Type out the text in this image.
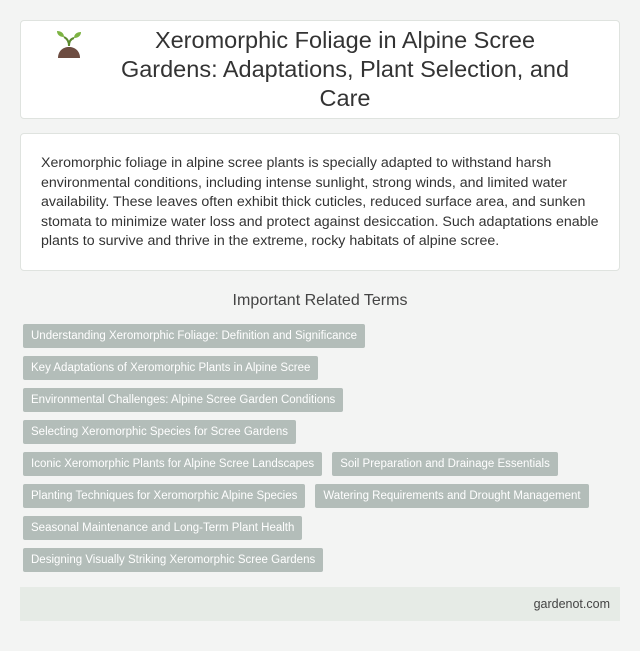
Xeromorphic Foliage in Alpine Scree Gardens: Adaptations, Plant Selection, and Care

Xeromorphic foliage in alpine scree plants is specially adapted to withstand harsh environmental conditions, including intense sunlight, strong winds, and limited water availability. These leaves often exhibit thick cuticles, reduced surface area, and sunken stomata to minimize water loss and protect against desiccation. Such adaptations enable plants to survive and thrive in the extreme, rocky habitats of alpine scree.

Important Related Terms
Understanding Xeromorphic Foliage: Definition and Significance
Key Adaptations of Xeromorphic Plants in Alpine Scree
Environmental Challenges: Alpine Scree Garden Conditions
Selecting Xeromorphic Species for Scree Gardens
Iconic Xeromorphic Plants for Alpine Scree Landscapes	Soil Preparation and Drainage Essentials
Planting Techniques for Xeromorphic Alpine Species	Watering Requirements and Drought Management
Seasonal Maintenance and Long-Term Plant Health
Designing Visually Striking Xeromorphic Scree Gardens
gardenot.com
